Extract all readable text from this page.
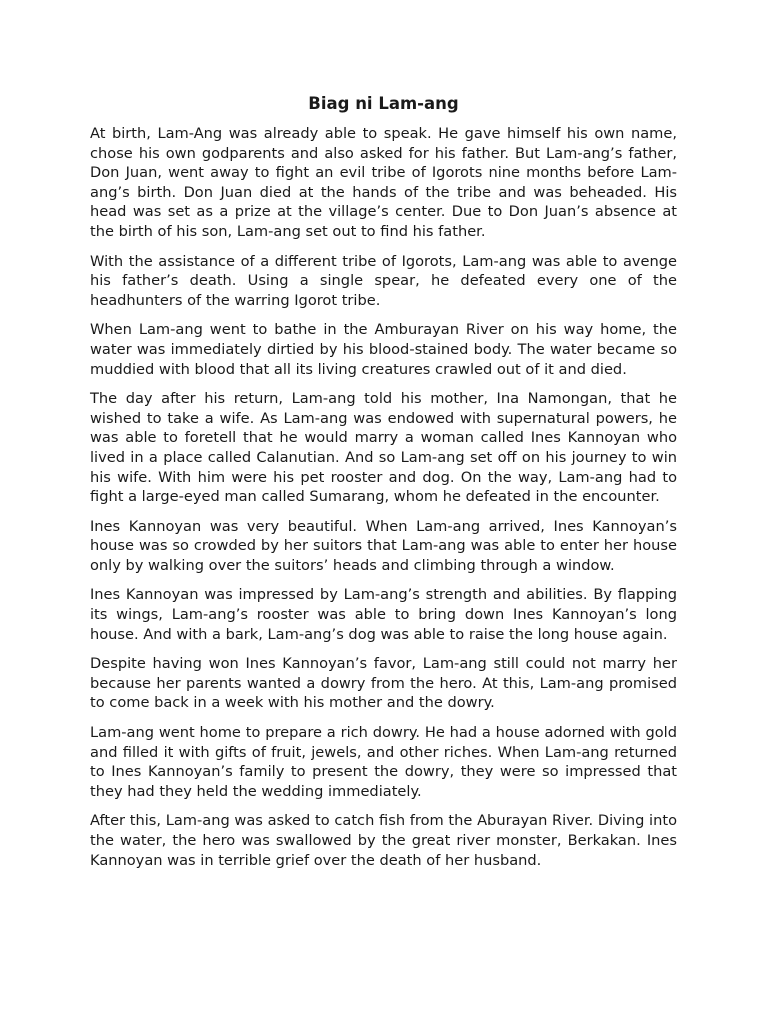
Biag ni Lam-ang

At birth, Lam-Ang was already able to speak. He gave himself his own name, chose his own godparents and also asked for his father. But Lam-ang’s father, Don Juan, went away to fight an evil tribe of Igorots nine months before Lam-ang’s birth. Don Juan died at the hands of the tribe and was beheaded. His head was set as a prize at the village’s center. Due to Don Juan’s absence at the birth of his son, Lam-ang set out to find his father.

With the assistance of a different tribe of Igorots, Lam-ang was able to avenge his father’s death. Using a single spear, he defeated every one of the headhunters of the warring Igorot tribe.

When Lam-ang went to bathe in the Amburayan River on his way home, the water was immediately dirtied by his blood-stained body. The water became so muddied with blood that all its living creatures crawled out of it and died.

The day after his return, Lam-ang told his mother, Ina Namongan, that he wished to take a wife. As Lam-ang was endowed with supernatural powers, he was able to foretell that he would marry a woman called Ines Kannoyan who lived in a place called Calanutian. And so Lam-ang set off on his journey to win his wife. With him were his pet rooster and dog. On the way, Lam-ang had to fight a large-eyed man called Sumarang, whom he defeated in the encounter.

Ines Kannoyan was very beautiful. When Lam-ang arrived, Ines Kannoyan’s house was so crowded by her suitors that Lam-ang was able to enter her house only by walking over the suitors’ heads and climbing through a window.

Ines Kannoyan was impressed by Lam-ang’s strength and abilities. By flapping its wings, Lam-ang’s rooster was able to bring down Ines Kannoyan’s long house. And with a bark, Lam-ang’s dog was able to raise the long house again.

Despite having won Ines Kannoyan’s favor, Lam-ang still could not marry her because her parents wanted a dowry from the hero. At this, Lam-ang promised to come back in a week with his mother and the dowry.

Lam-ang went home to prepare a rich dowry. He had a house adorned with gold and filled it with gifts of fruit, jewels, and other riches. When Lam-ang returned to Ines Kannoyan’s family to present the dowry, they were so impressed that they had they held the wedding immediately.

After this, Lam-ang was asked to catch fish from the Aburayan River. Diving into the water, the hero was swallowed by the great river monster, Berkakan. Ines Kannoyan was in terrible grief over the death of her husband.
